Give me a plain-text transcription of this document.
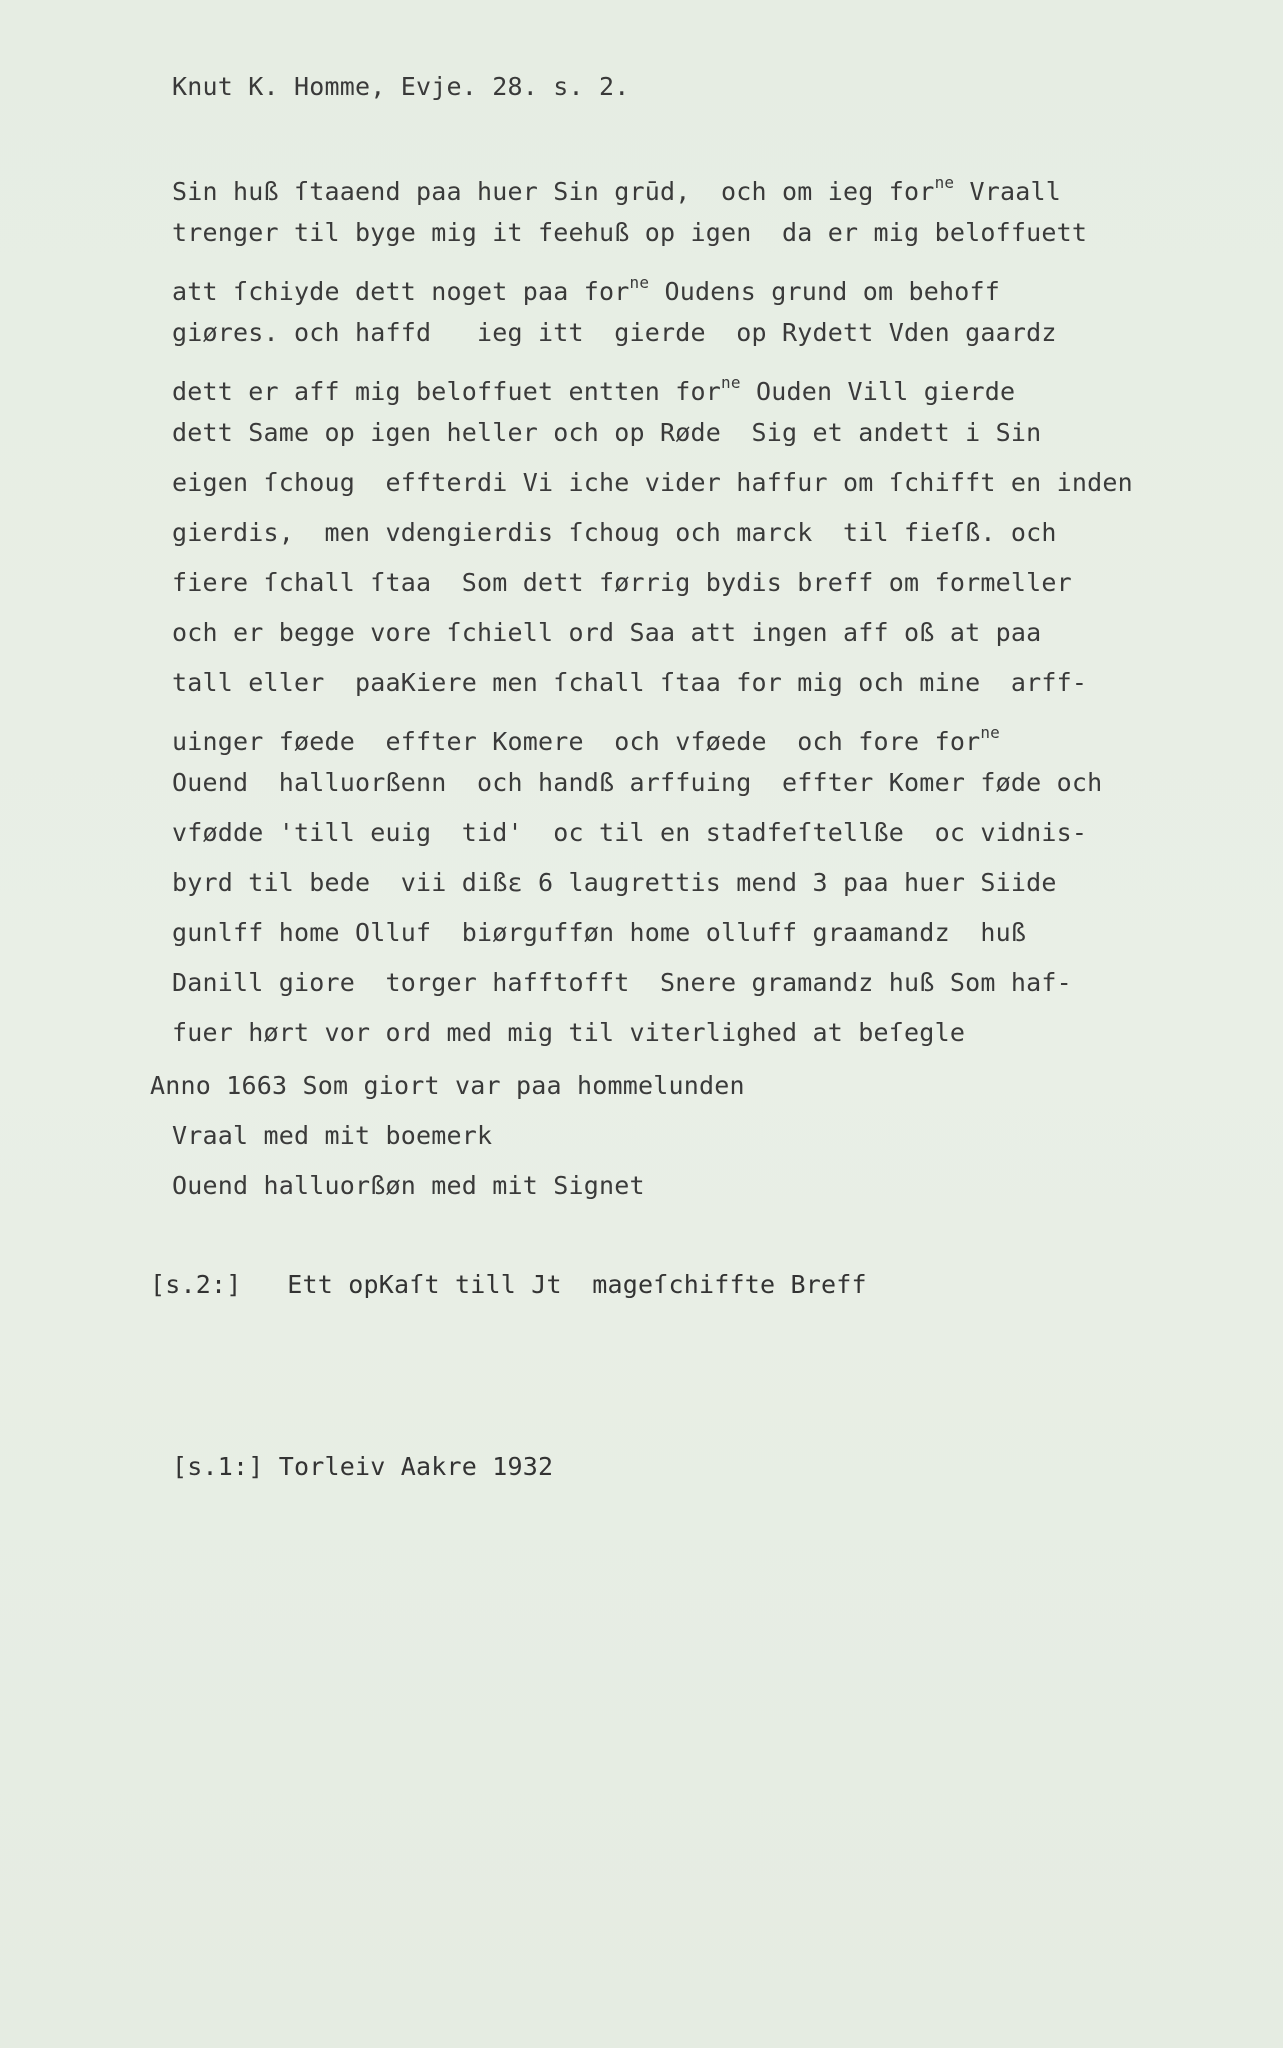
Knut K. Homme, Evje. 28. s. 2.
Sin huß ſtaaend paa huer Sin grūd,  och om ieg for$^{ne}$ Vraall
trenger til byge mig it feehuß op igen  da er mig beloffuett
att ſchiyde dett noget paa for$^{ne}$ Oudens grund om behoff
giøres. och haffd   ieg itt  gierde  op Rydett Vden gaardz
dett er aff mig beloffuet entten for$^{ne}$ Ouden Vill gierde
dett Same op igen heller och op Røde  Sig et andett i Sin
eigen ſchoug  effterdi Vi iche vider haffur om ſchifft en inden
gierdis,  men vdengierdis ſchoug och marck  til fieſß. och
fiere ſchall ſtaa  Som dett førrig bydis breff om formeller
och er begge vore ſchiell ord Saa att ingen aff oß at paa
tall eller  paaKiere men ſchall ſtaa for mig och mine  arff-
uinger føede  effter Komere  och vføede  och fore for$^{ne}$
Ouend  halluorßenn  och handß arffuing  effter Komer føde och
vfødde 'till euig  tid'  oc til en stadfeſtellße  oc vidnis-
byrd til bede  vii dißε 6 laugrettis mend 3 paa huer Siide
gunlff home Olluf  biørgufføn home olluff graamandz  huß
Danill giore  torger hafftofft  Snere gramandz huß Som haf-
fuer hørt vor ord med mig til viterlighed at beſegle
Anno 1663 Som giort var paa hommelunden
Vraal med mit boemerk
Ouend halluorßøn med mit Signet
[s.2:]   Ett opKaſt till Jt  mageſchiffte Breff
[s.1:] Torleiv Aakre 1932
